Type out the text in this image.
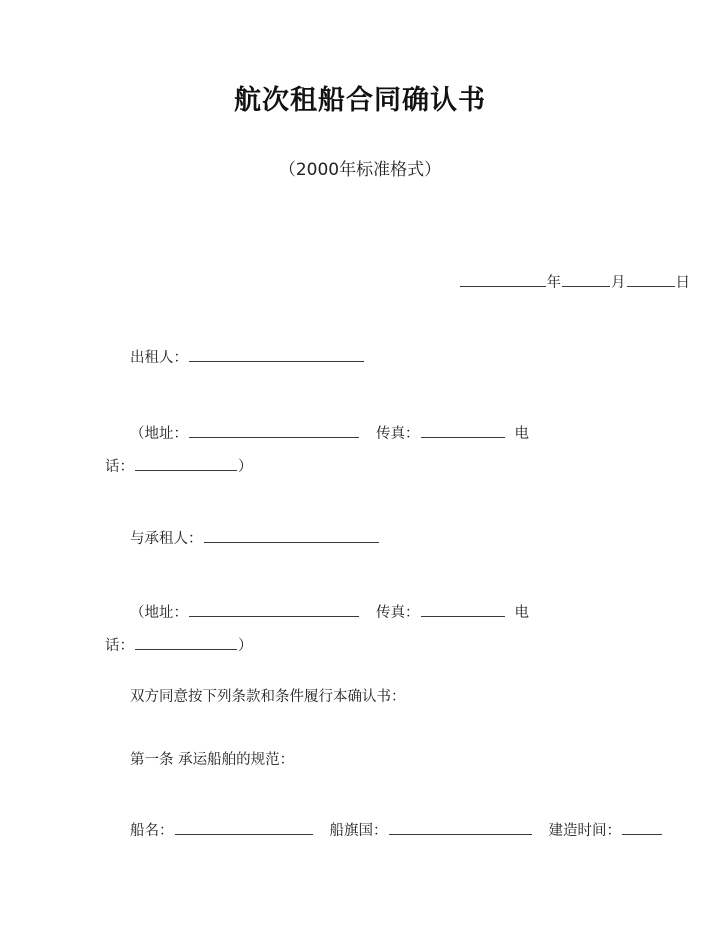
航次租船合同确认书
（2000年标准格式）
年	月	日
出租人：
（地址：	传真：	电
话：	）
与承租人：
（地址：	传真：	电
话：	）
双方同意按下列条款和条件履行本确认书：
第一条 承运船舶的规范：
船名：	船旗国：	建造时间：
